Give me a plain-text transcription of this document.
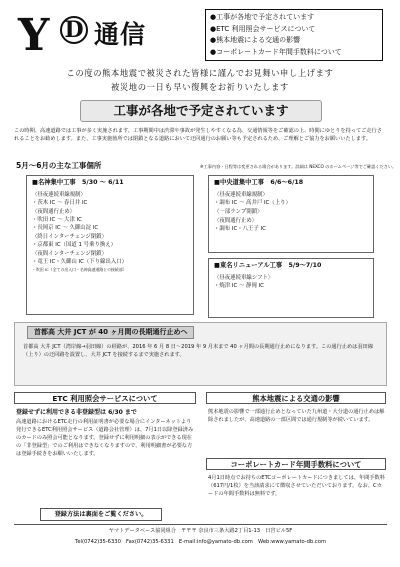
Y D 通信
●工事が各地で予定されています
●ETC 利用照会サービスについて
●熊本地震による交通の影響
●コーポレートカード年間手数料について
この度の熊本地震で被災された皆様に謹んでお見舞い申し上げます
被災地の一日も早い復興をお祈りいたします
工事が各地で予定されています
この時期、高速道路では工事が多く実施されます。工事期間中は渋滞や事故が発生しやすくなる為、交通情報等をご確認の上、時間にゆとりを持ってご走行されることをお勧めします。また、工事実施箇所では閉鎖となる道路において迂回通行のお願い等も予定されるため、ご理解とご協力をお願いいたします。
5月～6月の主な工事個所	※工事内容・日程等は変更される場合があります。詳細は NEXCO のホームページ等でご確認ください。
■名神集中工事　5/30 ～ 6/11
〈昼夜連続車線規制〉
・茨木 IC ～ 春日井 IC
〈夜間通行止め〉
・吹田 IC ～ 大津 IC
・長岡京 IC ～ 久御山淀 IC
〈終日インターチェンジ閉鎖〉
・京都東 IC（国道 1 号乗り換え）
〈夜間インターチェンジ閉鎖〉
・竜王 IC・久御山 IC（下り線出入口）
・吹田 IC（全ての出入口・名神高速道路との接続部）
■中央道集中工事　6/6～6/18
〈昼夜連続車線規制〉
・調布 IC ～ 高井戸 IC（上り）
〈一部ランプ閉鎖〉
〈夜間通行止め〉
・調布 IC・八王子 IC
■東名リニューアル工事　5/9～7/10
〈昼夜連続車線シフト〉
・焼津 IC ～ 静岡 IC
首都高 大井 JCT が 40 ヶ月間の長期通行止めへ
首都高 大井 JCT（湾岸線→羽田線）の経路が、2016 年 6 月 8 日～2019 年 9 月末まで 40 ヶ月間の長期通行止めになります。この通行止めは羽田線（上り）の迂回路を設置し、大井 JCT を接続するまで実施されます。
ETC 利用照会サービスについて
登録せずに利用できる非登録型は 6/30 まで
高速道路におけるETC走行の利用証明書が必要な場合にインターネットより発行できるETC利用照会サービス（道路会社管理）は、7月1日以降登録済みのカードのみ照会可能となります。登録せずに利用明細の表示ができる現在の「非登録型」でのご利用はできなくなりますので、利用明細書が必要な方は登録手続きをお願いいたします。
登録方法は裏面をご覧ください。
熊本地震による交通の影響
熊本地震の影響で一部通行止めとなっていた九州道・大分道の通行止めは解除されましたが、高速道路の一部区間では通行規制等が続いています。
コーポレートカード年間手数料について
4月1日時点でお持ちのETCコーポレートカードにつきましては、年間手数料（617円/1枚）を当該請求にて徴収させていただいております。なお、Cカードの年間手数料は無料です。
ヤマトデータベース協同組合　〒〒〒 奈良市三条大路2丁目1-13　日宮ビル5F
Tel(0742)35-6330　Fax(0742)35-6331　E-mail:info@yamato-db.com　Web:www.yamato-db.com
